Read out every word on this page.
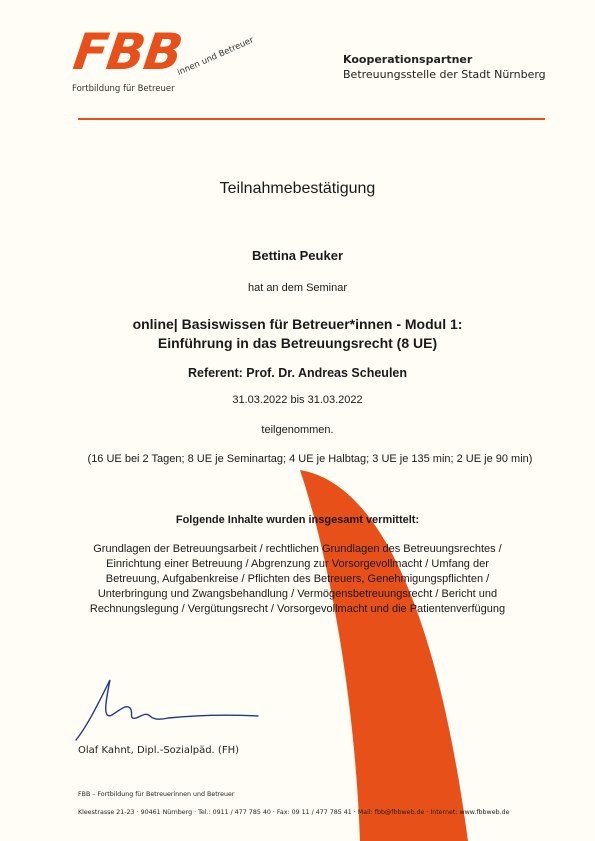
FBB
Fortbildung für Betreuer
innen und Betreuer	Kooperationspartner
Betreuungsstelle der Stadt Nürnberg
Teilnahmebestätigung
Bettina Peuker
hat an dem Seminar
online| Basiswissen für Betreuer*innen - Modul 1:
Einführung in das Betreuungsrecht (8 UE)
Referent: Prof. Dr. Andreas Scheulen
31.03.2022 bis 31.03.2022
teilgenommen.
(16 UE bei 2 Tagen; 8 UE je Seminartag; 4 UE je Halbtag; 3 UE je 135 min; 2 UE je 90 min)
Folgende Inhalte wurden insgesamt vermittelt:
Grundlagen der Betreuungsarbeit / rechtlichen Grundlagen des Betreuungsrechtes / Einrichtung einer Betreuung / Abgrenzung zur Vorsorgevollmacht / Umfang der Betreuung, Aufgabenkreise / Pflichten des Betreuers, Genehmigungspflichten / Unterbringung und Zwangsbehandlung / Vermögensbetreuungsrecht / Bericht und Rechnungslegung / Vergütungsrecht / Vorsorgevollmacht und die Patientenverfügung
Olaf Kahnt, Dipl.-Sozialpäd. (FH)
FBB – Fortbildung für Betreuerinnen und Betreuer
Kleestrasse 21-23 · 90461 Nürnberg · Tel.: 0911 / 477 785 40 · Fax: 09 11 / 477 785 41 · Mail: fbb@fbbweb.de · Internet: www.fbbweb.de
